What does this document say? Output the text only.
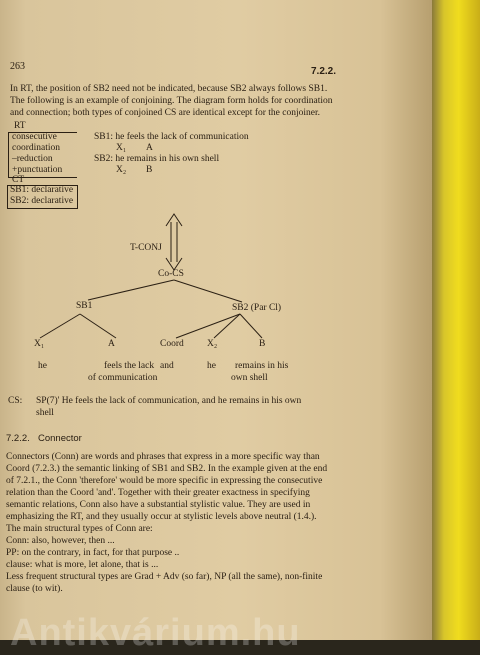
263	7.2.2.
In RT, the position of SB2 need not be indicated, because SB2 always follows SB1.
The following is an example of conjoining. The diagram form holds for coordination
and connection; both types of conjoined CS are identical except for the conjoiner.
RT
consecutive
coordination
–reduction
+punctuation
SB1: he feels the lack of communication
X₁ A
SB2: he remains in his own shell
X₂ B
CT
SB1: declarative
SB2: declarative
T-CONJ
Co-CS
SB1	SB2 (Par Cl)
X₁	A	Coord X₂	B
he	feels the lack
of communication
and	he remains in his
own shell
CS: SP(7)' He feels the lack of communication, and he remains in his own
shell
7.2.2. Connector
Connectors (Conn) are words and phrases that express in a more specific way than
Coord (7.2.3.) the semantic linking of SB1 and SB2. In the example given at the end
of 7.2.1., the Conn 'therefore' would be more specific in expressing the consecutive
relation than the Coord 'and'. Together with their greater exactness in specifying
semantic relations, Conn also have a substantial stylistic value. They are used in
emphasizing the RT, and they usually occur at stylistic levels above neutral (1.4.).
The main structural types of Conn are:
Conn: also, however, then ...
PP: on the contrary, in fact, for that purpose ..
clause: what is more, let alone, that is ...
Less frequent structural types are Grad + Adv (so far), NP (all the same), non-finite
clause (to wit).
Antikvárium.hu
